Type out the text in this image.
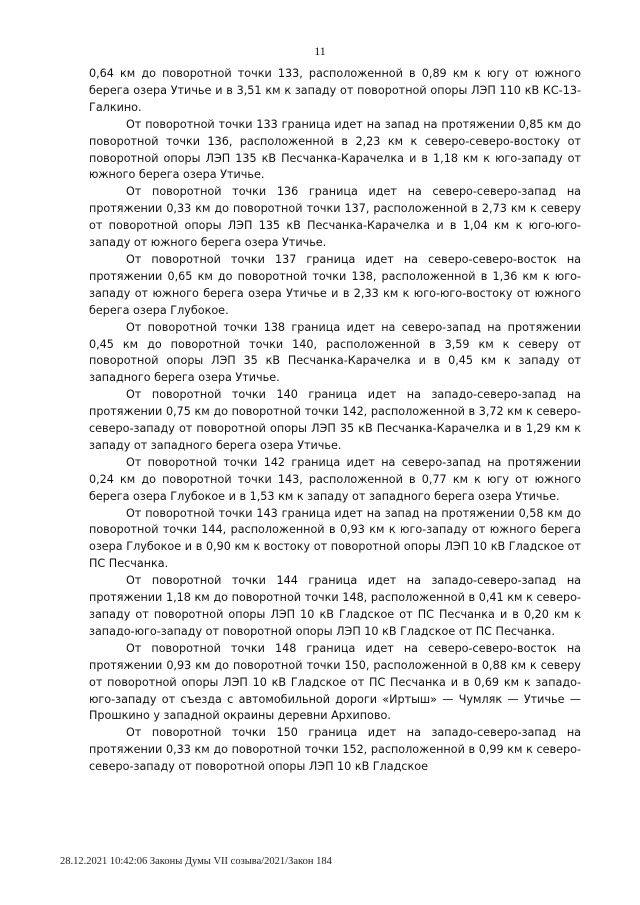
11

0,64 км до поворотной точки 133, расположенной в 0,89 км к югу от южного берега озера Утичье и в 3,51 км к западу от поворотной опоры ЛЭП 110 кВ КС-13-Галкино.

От поворотной точки 133 граница идет на запад на протяжении 0,85 км до поворотной точки 136, расположенной в 2,23 км к северо-северо-востоку от поворотной опоры ЛЭП 135 кВ Песчанка-Карачелка и в 1,18 км к юго-западу от южного берега озера Утичье.

От поворотной точки 136 граница идет на северо-северо-запад на протяжении 0,33 км до поворотной точки 137, расположенной в 2,73 км к северу от поворотной опоры ЛЭП 135 кВ Песчанка-Карачелка и в 1,04 км к юго-юго-западу от южного берега озера Утичье.

От поворотной точки 137 граница идет на северо-северо-восток на протяжении 0,65 км до поворотной точки 138, расположенной в 1,36 км к юго-западу от южного берега озера Утичье и в 2,33 км к юго-юго-востоку от южного берега озера Глубокое.

От поворотной точки 138 граница идет на северо-запад на протяжении 0,45 км до поворотной точки 140, расположенной в 3,59 км к северу от поворотной опоры ЛЭП 35 кВ Песчанка-Карачелка и в 0,45 км к западу от западного берега озера Утичье.

От поворотной точки 140 граница идет на западо-северо-запад на протяжении 0,75 км до поворотной точки 142, расположенной в 3,72 км к северо-северо-западу от поворотной опоры ЛЭП 35 кВ Песчанка-Карачелка и в 1,29 км к западу от западного берега озера Утичье.

От поворотной точки 142 граница идет на северо-запад на протяжении 0,24 км до поворотной точки 143, расположенной в 0,77 км к югу от южного берега озера Глубокое и в 1,53 км к западу от западного берега озера Утичье.

От поворотной точки 143 граница идет на запад на протяжении 0,58 км до поворотной точки 144, расположенной в 0,93 км к юго-западу от южного берега озера Глубокое и в 0,90 км к востоку от поворотной опоры ЛЭП 10 кВ Гладское от ПС Песчанка.

От поворотной точки 144 граница идет на западо-северо-запад на протяжении 1,18 км до поворотной точки 148, расположенной в 0,41 км к северо-западу от поворотной опоры ЛЭП 10 кВ Гладское от ПС Песчанка и в 0,20 км к западо-юго-западу от поворотной опоры ЛЭП 10 кВ Гладское от ПС Песчанка.

От поворотной точки 148 граница идет на северо-северо-восток на протяжении 0,93 км до поворотной точки 150, расположенной в 0,88 км к северу от поворотной опоры ЛЭП 10 кВ Гладское от ПС Песчанка и в 0,69 км к западо-юго-западу от съезда с автомобильной дороги «Иртыш» — Чумляк — Утичье — Прошкино у западной окраины деревни Архипово.

От поворотной точки 150 граница идет на западо-северо-запад на протяжении 0,33 км до поворотной точки 152, расположенной в 0,99 км к северо-северо-западу от поворотной опоры ЛЭП 10 кВ Гладское

28.12.2021 10:42:06 Законы Думы VII созыва/2021/Закон 184
